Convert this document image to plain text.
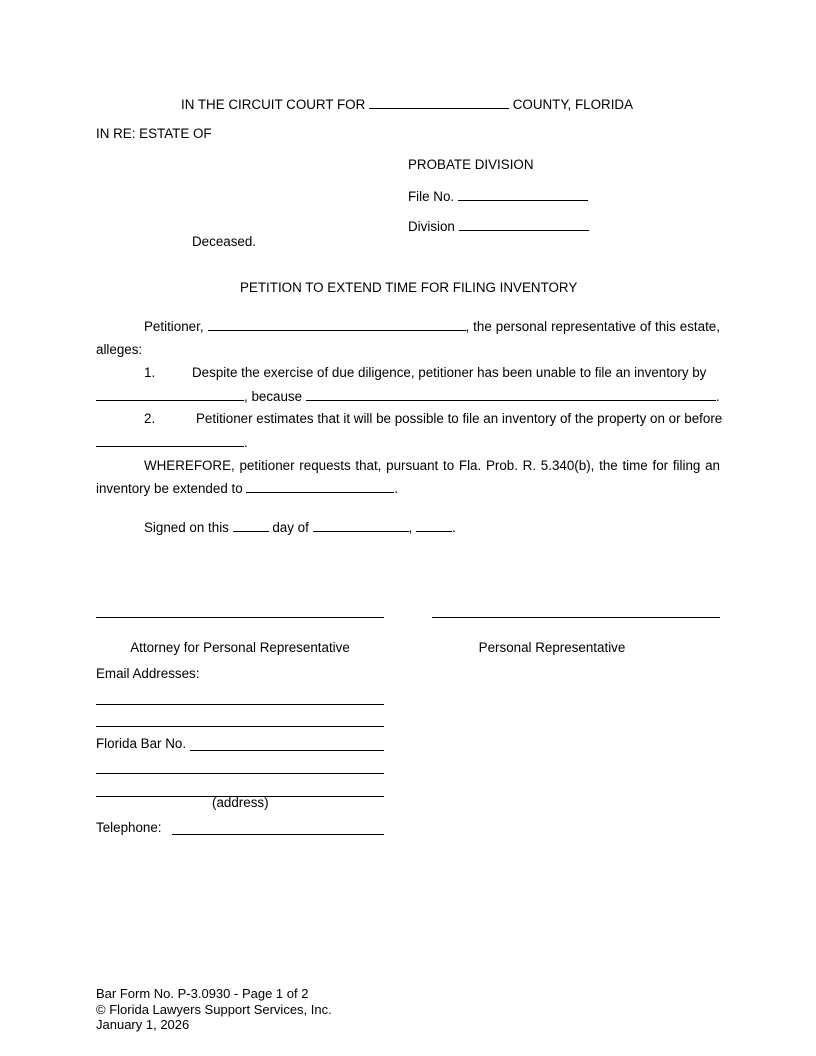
IN THE CIRCUIT COURT FOR	COUNTY, FLORIDA
IN RE: ESTATE OF
PROBATE DIVISION
File No.
Division
Deceased.
PETITION TO EXTEND TIME FOR FILING INVENTORY
Petitioner,	, the personal representative of this estate, alleges:
1.	Despite the exercise of due diligence, petitioner has been unable to file an inventory by
, because	.
2.	Petitioner estimates that it will be possible to file an inventory of the property on or before
.
WHEREFORE, petitioner requests that, pursuant to Fla. Prob. R. 5.340(b), the time for filing an inventory be extended to	.
Signed on this	day of	,	.
Attorney for Personal Representative	Personal Representative
Email Addresses:
Florida Bar No.
(address)
Telephone:
Bar Form No. P-3.0930 - Page 1 of 2
© Florida Lawyers Support Services, Inc.
January 1, 2026
